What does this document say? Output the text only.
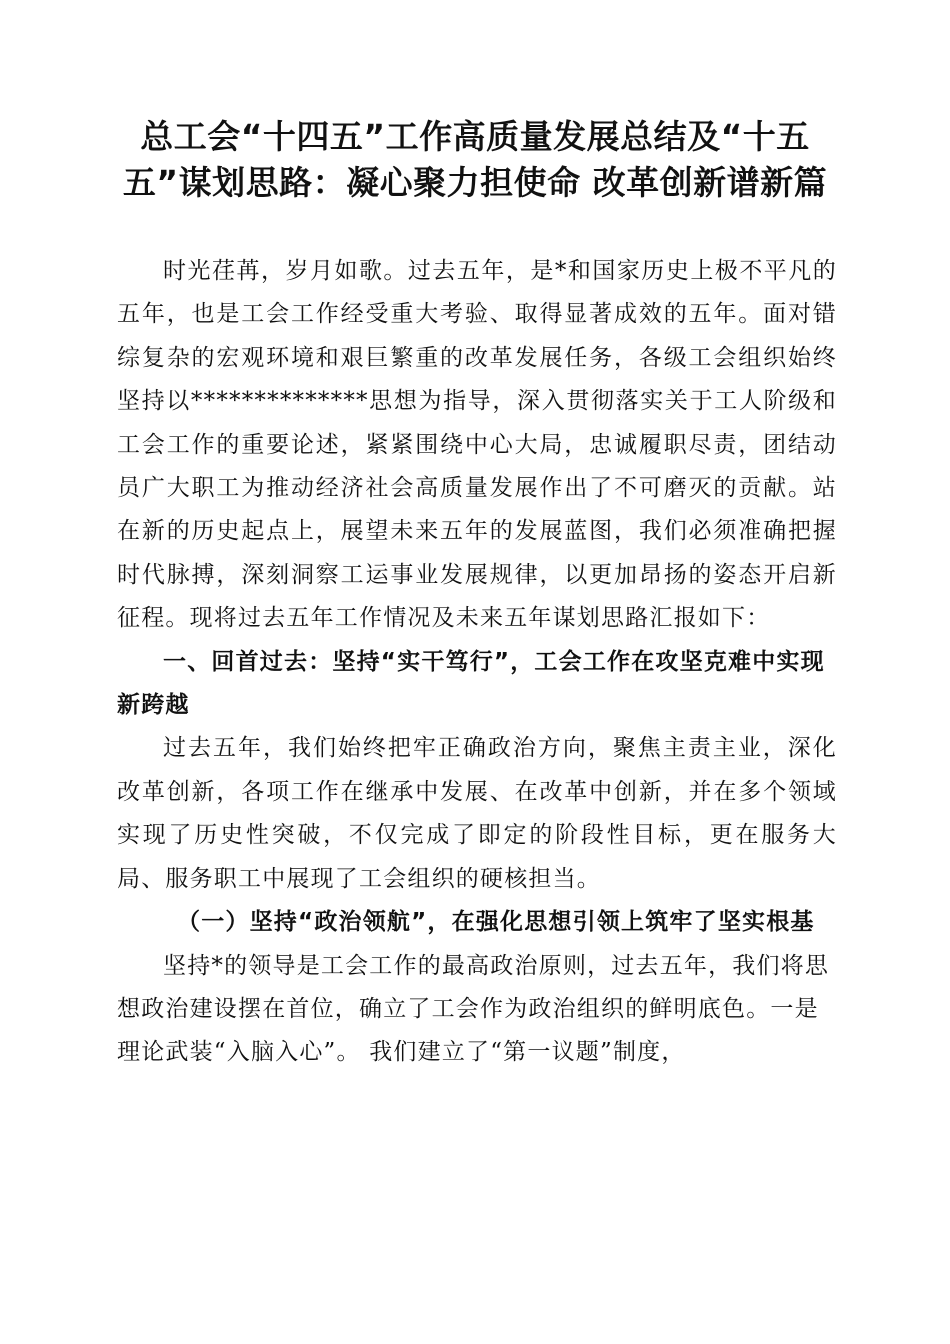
总工会“十四五”工作高质量发展总结及“十五五”谋划思路：凝心聚力担使命 改革创新谱新篇

时光荏苒，岁月如歌。过去五年，是*和国家历史上极不平凡的五年，也是工会工作经受重大考验、取得显著成效的五年。面对错综复杂的宏观环境和艰巨繁重的改革发展任务，各级工会组织始终坚持以**************思想为指导，深入贯彻落实关于工人阶级和工会工作的重要论述，紧紧围绕中心大局，忠诚履职尽责，团结动员广大职工为推动经济社会高质量发展作出了不可磨灭的贡献。站在新的历史起点上，展望未来五年的发展蓝图，我们必须准确把握时代脉搏，深刻洞察工运事业发展规律，以更加昂扬的姿态开启新征程。现将过去五年工作情况及未来五年谋划思路汇报如下：

一、回首过去：坚持“实干笃行”，工会工作在攻坚克难中实现新跨越

过去五年，我们始终把牢正确政治方向，聚焦主责主业，深化改革创新，各项工作在继承中发展、在改革中创新，并在多个领域实现了历史性突破，不仅完成了即定的阶段性目标，更在服务大局、服务职工中展现了工会组织的硬核担当。

（一）坚持“政治领航”，在强化思想引领上筑牢了坚实根基

坚持*的领导是工会工作的最高政治原则，过去五年，我们将思想政治建设摆在首位，确立了工会作为政治组织的鲜明底色。一是理论武装“入脑入心”。 我们建立了“第一议题”制度，
